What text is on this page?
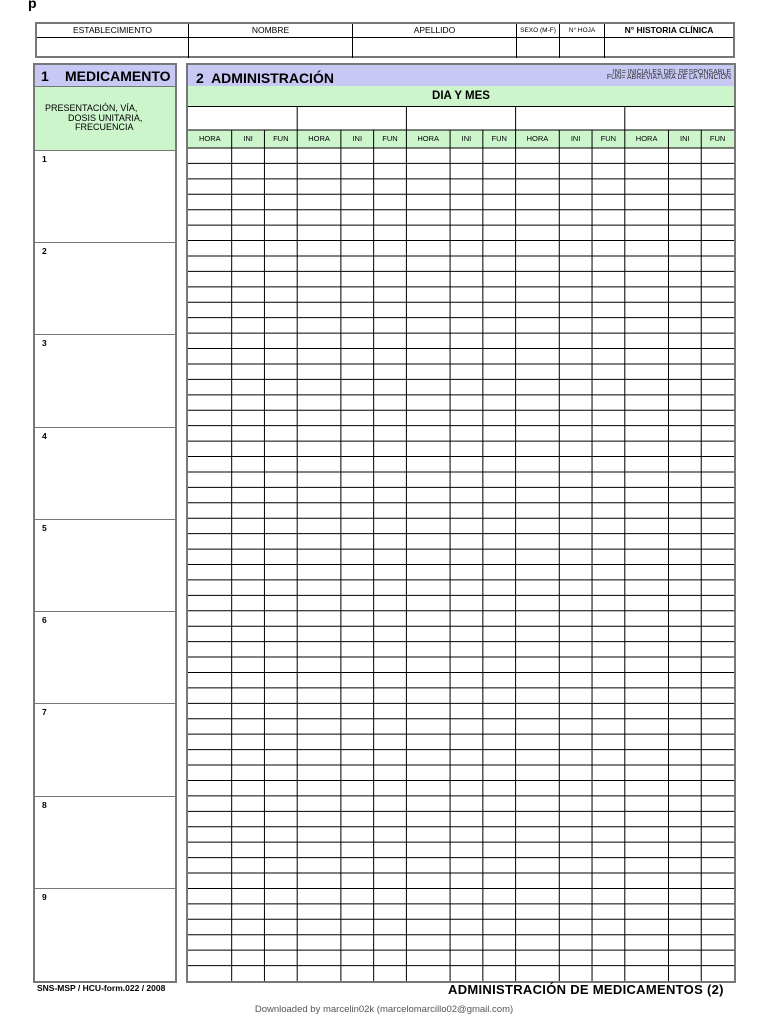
p
ESTABLECIMIENTO	NOMBRE	APELLIDO	SEXO (M-F)	N° HOJA	N° HISTORIA CLÍNICA
1 MEDICAMENTO
PRESENTACIÓN, VÍA,
DOSIS UNITARIA,
FRECUENCIA
1
2
3
4
5
6
7
8
9
2 ADMINISTRACIÓN	INI= INICIALES DEL RESPONSABLE
FUN= ABREVIATURA DE LA FUNCIÓN
DIA Y MES
HORA	INI	FUN	HORA	INI	FUN	HORA	INI	FUN	HORA	INI	FUN	HORA	INI	FUN
SNS-MSP / HCU-form.022 / 2008	ADMINISTRACIÓN DE MEDICAMENTOS (2)
Downloaded by marcelin02k (marcelomarcillo02@gmail.com)
